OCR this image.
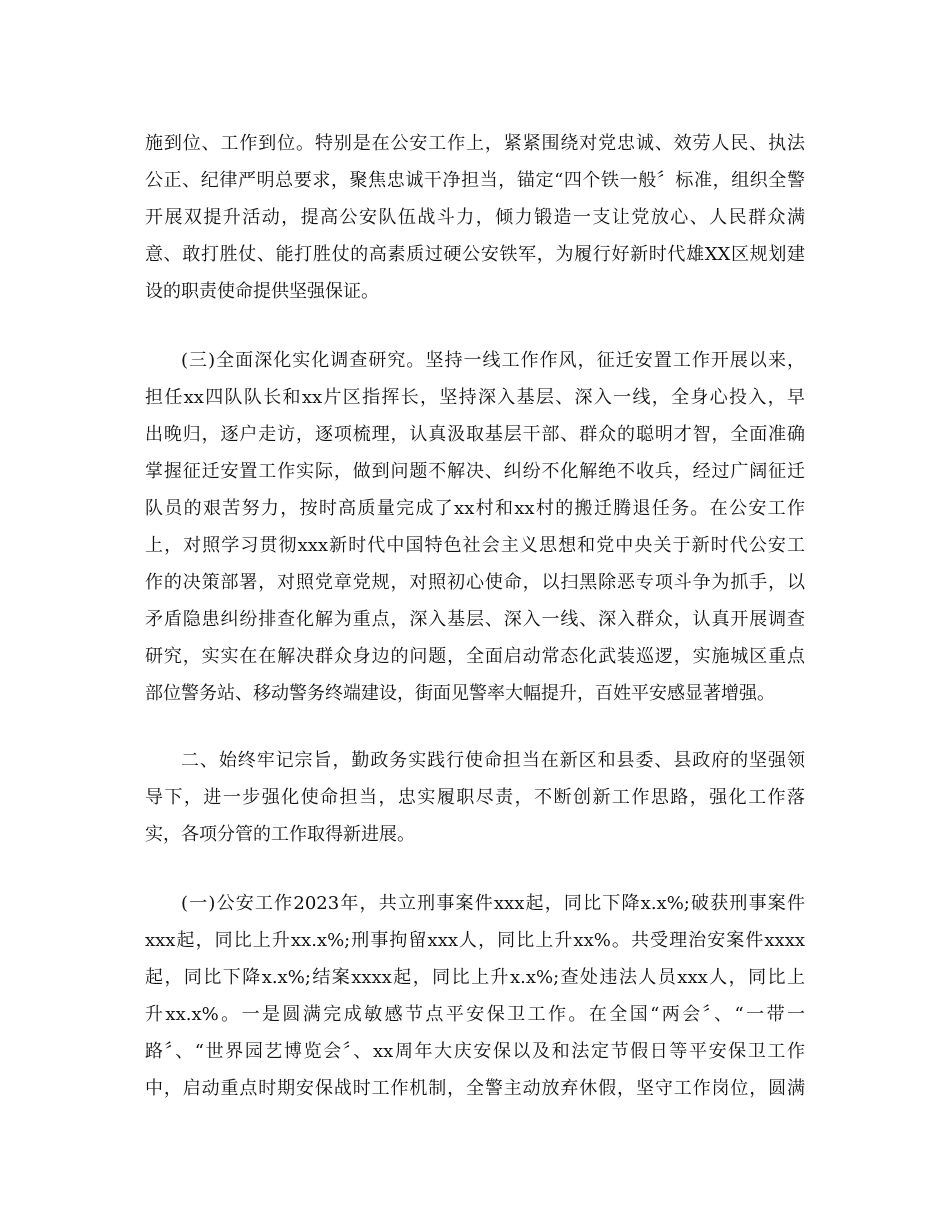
施到位、工作到位。特别是在公安工作上，紧紧围绕对党忠诚、效劳人民、执法
公正、纪律严明总要求，聚焦忠诚干净担当，锚定“四个铁一般〞标准，组织全警
开展双提升活动，提高公安队伍战斗力，倾力锻造一支让党放心、人民群众满
意、敢打胜仗、能打胜仗的高素质过硬公安铁军，为履行好新时代雄XX区规划建
设的职责使命提供坚强保证。
(三)全面深化实化调查研究。坚持一线工作作风，征迁安置工作开展以来，
担任xx四队队长和xx片区指挥长，坚持深入基层、深入一线，全身心投入，早
出晚归，逐户走访，逐项梳理，认真汲取基层干部、群众的聪明才智，全面准确
掌握征迁安置工作实际，做到问题不解决、纠纷不化解绝不收兵，经过广阔征迁
队员的艰苦努力，按时高质量完成了xx村和xx村的搬迁腾退任务。在公安工作
上，对照学习贯彻xxx新时代中国特色社会主义思想和党中央关于新时代公安工
作的决策部署，对照党章党规，对照初心使命，以扫黑除恶专项斗争为抓手，以
矛盾隐患纠纷排查化解为重点，深入基层、深入一线、深入群众，认真开展调查
研究，实实在在解决群众身边的问题，全面启动常态化武装巡逻，实施城区重点
部位警务站、移动警务终端建设，街面见警率大幅提升，百姓平安感显著增强。
二、始终牢记宗旨，勤政务实践行使命担当在新区和县委、县政府的坚强领
导下，进一步强化使命担当，忠实履职尽责，不断创新工作思路，强化工作落
实，各项分管的工作取得新进展。
(一)公安工作2023年，共立刑事案件xxx起，同比下降x.x%;破获刑事案件
xxx起，同比上升xx.x%;刑事拘留xxx人，同比上升xx%。共受理治安案件xxxx
起，同比下降x.x%;结案xxxx起，同比上升x.x%;查处违法人员xxx人，同比上
升xx.x%。一是圆满完成敏感节点平安保卫工作。在全国“两会〞、“一带一
路〞、“世界园艺博览会〞、xx周年大庆安保以及和法定节假日等平安保卫工作
中，启动重点时期安保战时工作机制，全警主动放弃休假，坚守工作岗位，圆满
